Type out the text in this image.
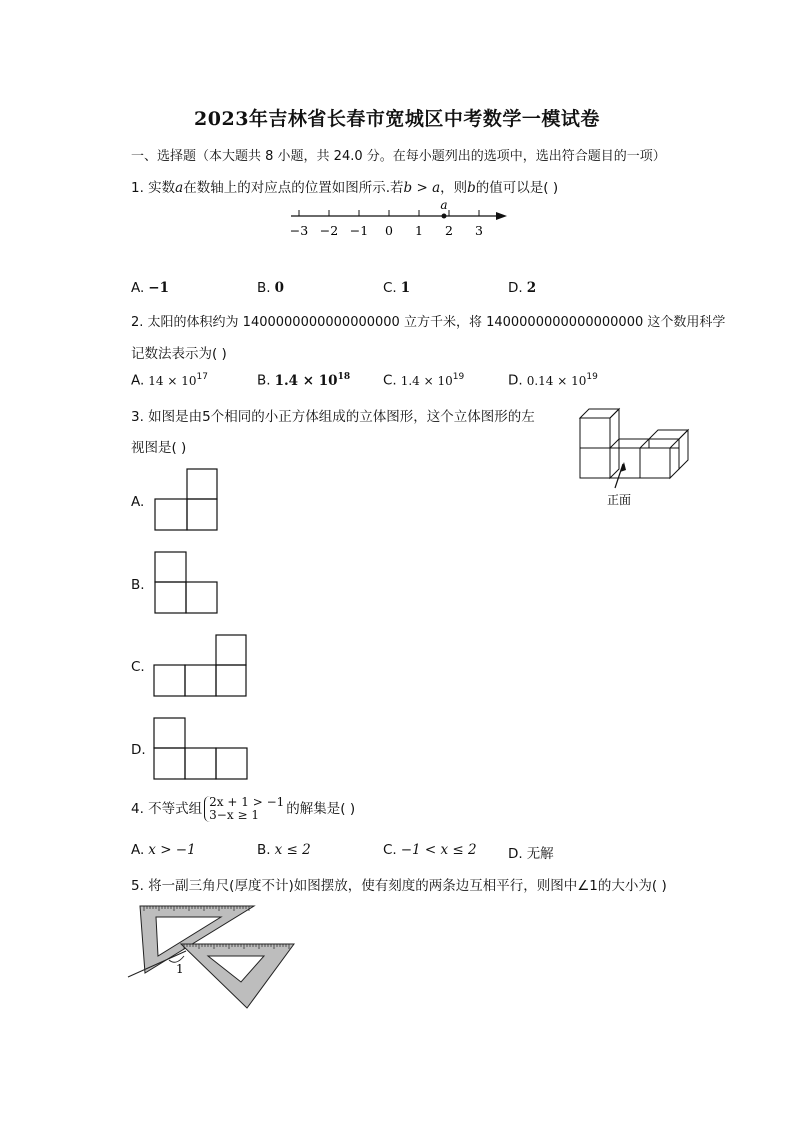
2023年吉林省长春市宽城区中考数学一模试卷
一、选择题（本大题共 8 小题，共 24.0 分。在每小题列出的选项中，选出符合题目的一项）
1. 实数a在数轴上的对应点的位置如图所示.若b > a，则b的值可以是( )
−3 −2 −1 0 1 2 3
a
A. −1	B. 0	C. 1	D. 2
2. 太阳的体积约为 1400000000000000000 立方千米，将 1400000000000000000 这个数用科学
记数法表示为( )
A. $14 \times 10^{17}$	B. $1.4 \times 10^{18}$ C. $1.4 \times 10^{19}$	D. $0.14 \times 10^{19}$
3. 如图是由5个相同的小正方体组成的立体图形，这个立体图形的左
视图是( )
正面
A.
B.
C.
D.
4. 不等式组 2x + 1 > −1
3−x ≥ 1	的解集是( )
A. x > −1	B. x ≤ 2	C. −1 < x ≤ 2 D. 无解
5. 将一副三角尺(厚度不计)如图摆放，使有刻度的两条边互相平行，则图中∠1的大小为( )
1
